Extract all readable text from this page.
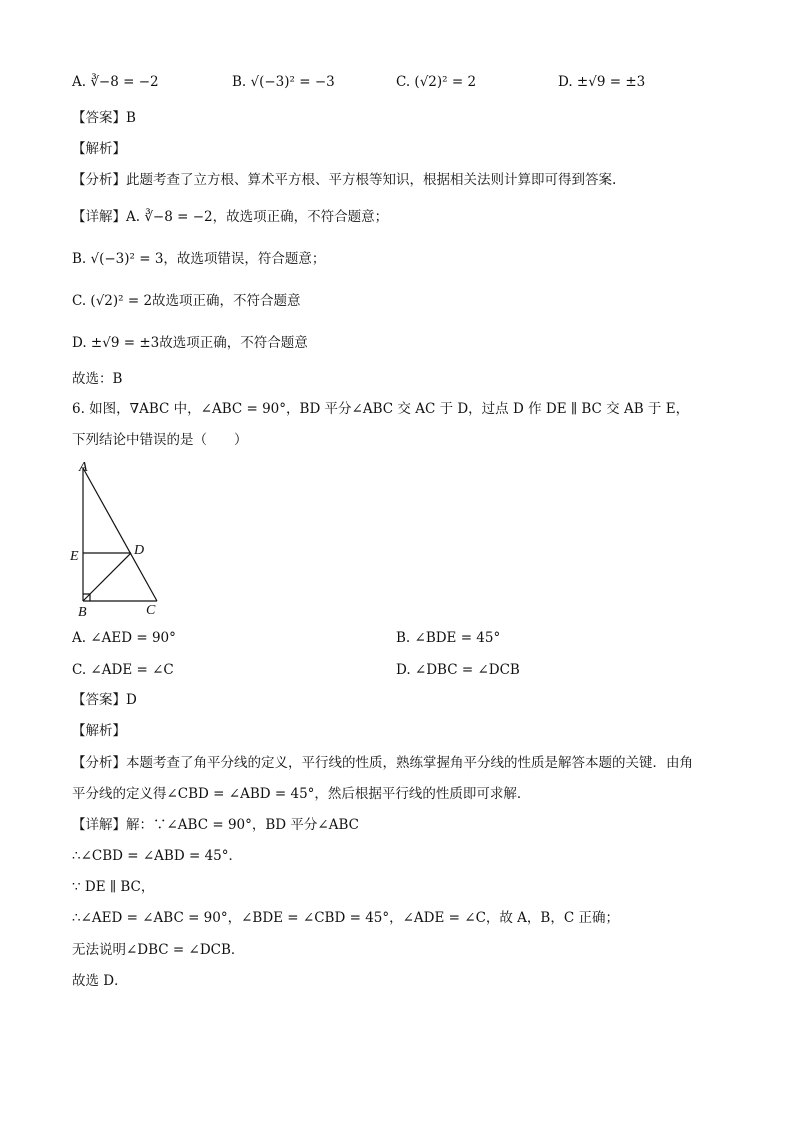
A. ∛−8 = −2	B. √(−3)² = −3	C. (√2)² = 2	D. ±√9 = ±3
【答案】B
【解析】
【分析】此题考查了立方根、算术平方根、平方根等知识，根据相关法则计算即可得到答案.
【详解】A. ∛−8 = −2，故选项正确，不符合题意；
B. √(−3)² = 3，故选项错误，符合题意；
C. (√2)² = 2故选项正确，不符合题意
D. ±√9 = ±3故选项正确，不符合题意
故选：B
6. 如图，∇ABC 中，∠ABC = 90°，BD 平分∠ABC 交 AC 于 D，过点 D 作 DE ∥ BC 交 AB 于 E，
下列结论中错误的是（　　）
A
E	D
B	C
A. ∠AED = 90°	B. ∠BDE = 45°
C. ∠ADE = ∠C	D. ∠DBC = ∠DCB
【答案】D
【解析】
【分析】本题考查了角平分线的定义，平行线的性质，熟练掌握角平分线的性质是解答本题的关键．由角
平分线的定义得∠CBD = ∠ABD = 45°，然后根据平行线的性质即可求解．
【详解】解：∵∠ABC = 90°，BD 平分∠ABC
∴∠CBD = ∠ABD = 45°．
∵ DE ∥ BC，
∴∠AED = ∠ABC = 90°，∠BDE = ∠CBD = 45°，∠ADE = ∠C，故 A，B，C 正确；
无法说明∠DBC = ∠DCB．
故选 D．
